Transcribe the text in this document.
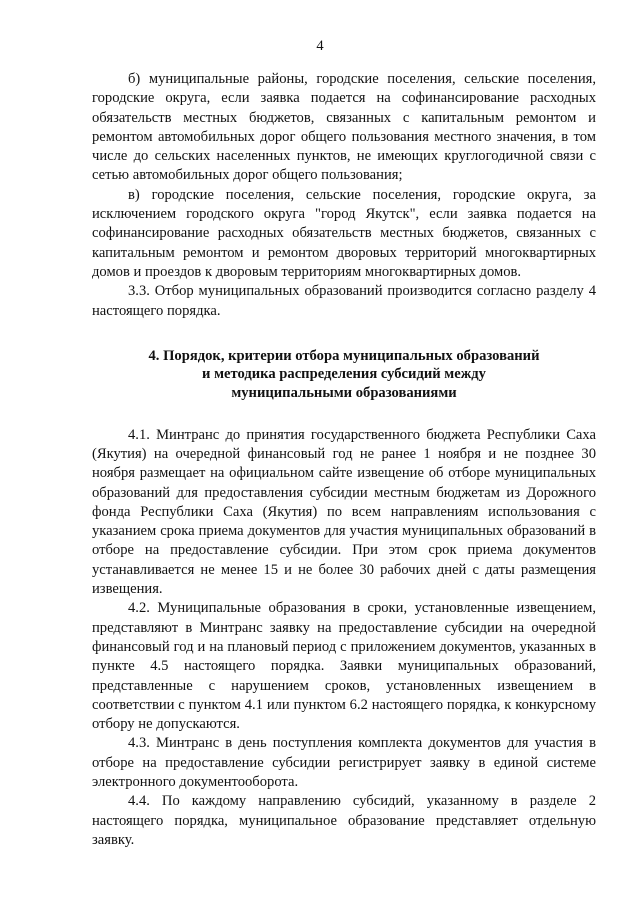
4

б) муниципальные районы, городские поселения, сельские поселения, городские округа, если заявка подается на софинансирование расходных обязательств местных бюджетов, связанных с капитальным ремонтом и ремонтом автомобильных дорог общего пользования местного значения, в том числе до сельских населенных пунктов, не имеющих круглогодичной связи с сетью автомобильных дорог общего пользования;

в) городские поселения, сельские поселения, городские округа, за исключением городского округа "город Якутск", если заявка подается на софинансирование расходных обязательств местных бюджетов, связанных с капитальным ремонтом и ремонтом дворовых территорий многоквартирных домов и проездов к дворовым территориям многоквартирных домов.

3.3. Отбор муниципальных образований производится согласно разделу 4 настоящего порядка.

4. Порядок, критерии отбора муниципальных образований
и методика распределения субсидий между
муниципальными образованиями

4.1. Минтранс до принятия государственного бюджета Республики Саха (Якутия) на очередной финансовый год не ранее 1 ноября и не позднее 30 ноября размещает на официальном сайте извещение об отборе муниципальных образований для предоставления субсидии местным бюджетам из Дорожного фонда Республики Саха (Якутия) по всем направлениям использования с указанием срока приема документов для участия муниципальных образований в отборе на предоставление субсидии. При этом срок приема документов устанавливается не менее 15 и не более 30 рабочих дней с даты размещения извещения.

4.2. Муниципальные образования в сроки, установленные извещением, представляют в Минтранс заявку на предоставление субсидии на очередной финансовый год и на плановый период с приложением документов, указанных в пункте 4.5 настоящего порядка. Заявки муниципальных образований, представленные с нарушением сроков, установленных извещением в соответствии с пунктом 4.1 или пунктом 6.2 настоящего порядка, к конкурсному отбору не допускаются.

4.3. Минтранс в день поступления комплекта документов для участия в отборе на предоставление субсидии регистрирует заявку в единой системе электронного документооборота.

4.4. По каждому направлению субсидий, указанному в разделе 2 настоящего порядка, муниципальное образование представляет отдельную заявку.
